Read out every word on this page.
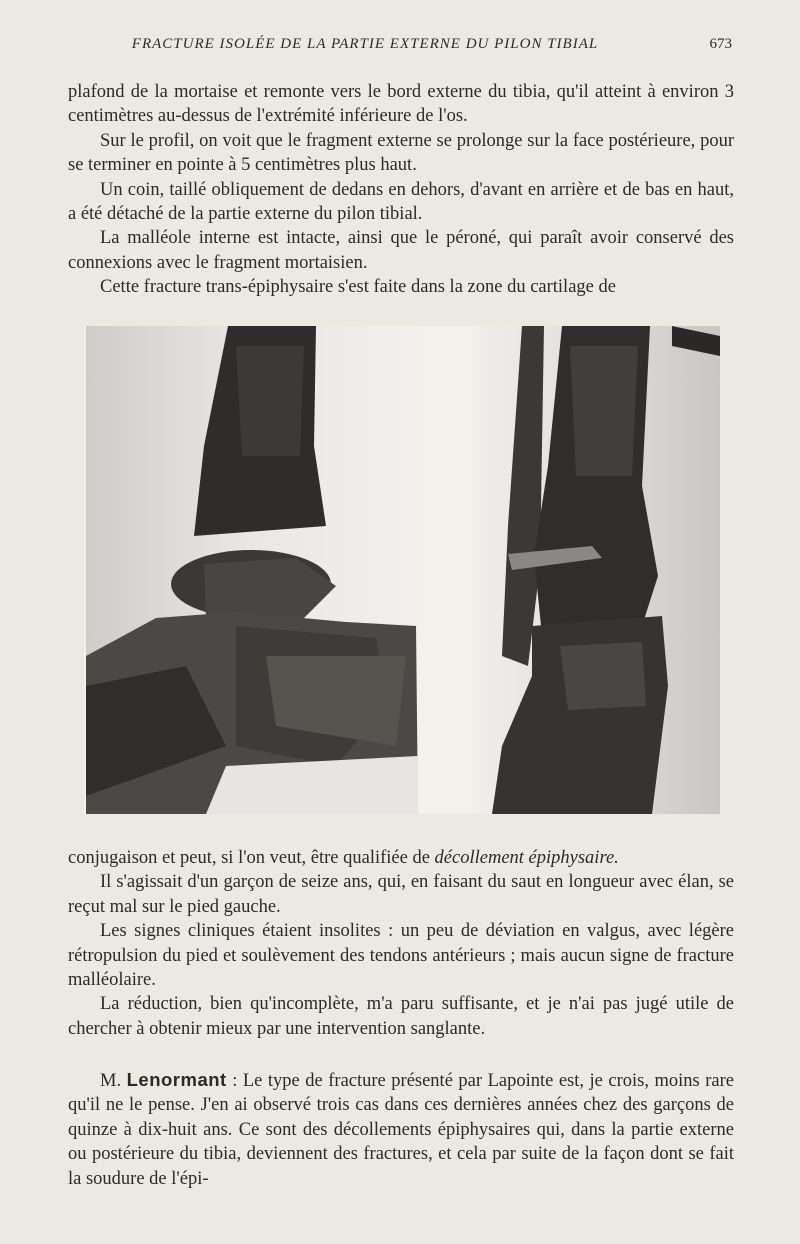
FRACTURE ISOLÉE DE LA PARTIE EXTERNE DU PILON TIBIAL	673

plafond de la mortaise et remonte vers le bord externe du tibia, qu'il atteint à environ 3 centimètres au-dessus de l'extrémité inférieure de l'os.

Sur le profil, on voit que le fragment externe se prolonge sur la face postérieure, pour se terminer en pointe à 5 centimètres plus haut.

Un coin, taillé obliquement de dedans en dehors, d'avant en arrière et de bas en haut, a été détaché de la partie externe du pilon tibial.

La malléole interne est intacte, ainsi que le péroné, qui paraît avoir conservé des connexions avec le fragment mortaisien.

Cette fracture trans-épiphysaire s'est faite dans la zone du cartilage de

conjugaison et peut, si l'on veut, être qualifiée de décollement épiphysaire.

Il s'agissait d'un garçon de seize ans, qui, en faisant du saut en longueur avec élan, se reçut mal sur le pied gauche.

Les signes cliniques étaient insolites : un peu de déviation en valgus, avec légère rétropulsion du pied et soulèvement des tendons antérieurs ; mais aucun signe de fracture malléolaire.

La réduction, bien qu'incomplète, m'a paru suffisante, et je n'ai pas jugé utile de chercher à obtenir mieux par une intervention sanglante.

M. Lenormant : Le type de fracture présenté par Lapointe est, je crois, moins rare qu'il ne le pense. J'en ai observé trois cas dans ces dernières années chez des garçons de quinze à dix-huit ans. Ce sont des décollements épiphysaires qui, dans la partie externe ou postérieure du tibia, deviennent des fractures, et cela par suite de la façon dont se fait la soudure de l'épi-
